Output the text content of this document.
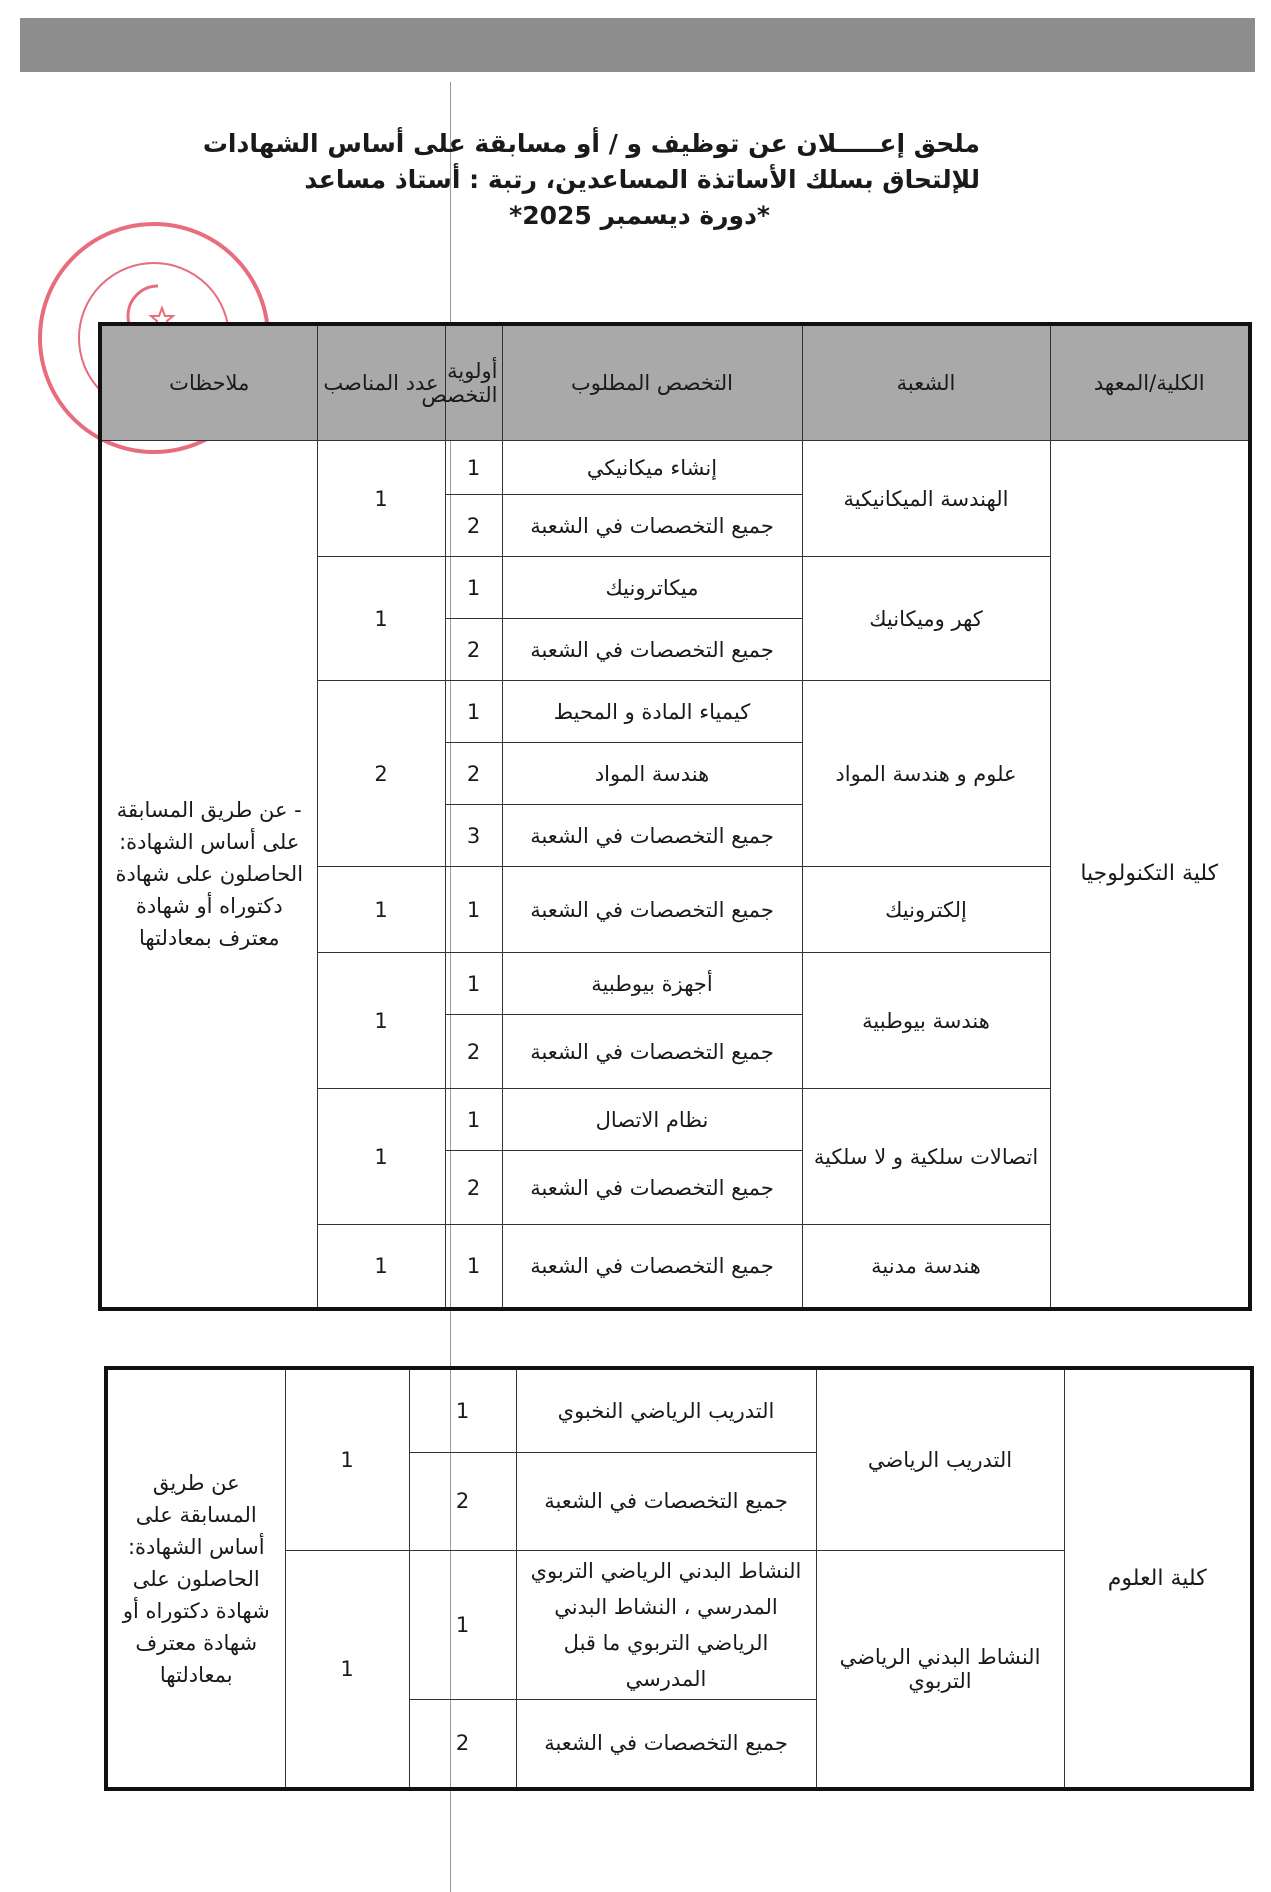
ملحق إعـــــلان عن توظيف و / أو مسابقة على أساس الشهادات
للإلتحاق بسلك الأساتذة المساعدين، رتبة : أستاذ مساعد
*دورة ديسمبر 2025*
الكلية/المعهد	الشعبة	التخصص المطلوب	أولوية التخصص	عدد المناصب	ملاحظات
كلية التكنولوجيا	الهندسة الميكانيكية	إنشاء ميكانيكي	1	1	- عن طريق المسابقة على أساس الشهادة: الحاصلون على شهادة دكتوراه أو شهادة معترف بمعادلتها
		جميع التخصصات في الشعبة	2		
	كهر وميكانيك	ميكاترونيك	1	1	
		جميع التخصصات في الشعبة	2		
	علوم و هندسة المواد	كيمياء المادة و المحيط	1	2	
		هندسة المواد	2		
		جميع التخصصات في الشعبة	3		
	إلكترونيك	جميع التخصصات في الشعبة	1	1	
	هندسة بيوطبية	أجهزة بيوطبية	1	1	
		جميع التخصصات في الشعبة	2		
	اتصالات سلكية و لا سلكية	نظام الاتصال	1	1	
		جميع التخصصات في الشعبة	2		
	هندسة مدنية	جميع التخصصات في الشعبة	1	1	
كلية العلوم	التدريب الرياضي	التدريب الرياضي النخبوي	1	1	عن طريق المسابقة على أساس الشهادة: الحاصلون على شهادة دكتوراه أو شهادة معترف بمعادلتها
		جميع التخصصات في الشعبة	2		
	النشاط البدني الرياضي التربوي	النشاط البدني الرياضي التربوي المدرسي ، النشاط البدني الرياضي التربوي ما قبل المدرسي	1	1	
		جميع التخصصات في الشعبة	2		
